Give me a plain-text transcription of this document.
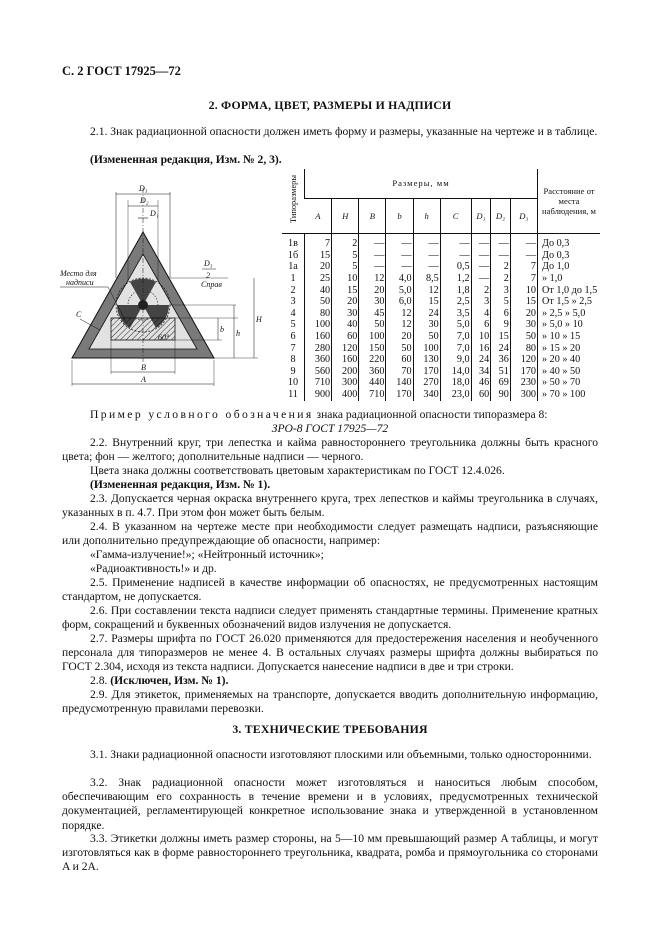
С. 2 ГОСТ 17925—72
2. ФОРМА, ЦВЕТ, РАЗМЕРЫ И НАДПИСИ
2.1. Знак радиационной опасности должен иметь форму и размеры, указанные на чертеже и в таблице.
(Измененная редакция, Изм. № 2, 3).
D₃
D₂
D₁
Место для
надписи
D₃
2
Справ
C
60°
b h
H
B
A
Типоразмеры	Размеры, мм									Расстояние от места наблюдения, м
	A	H	B	b	h	C	D₁	D₂	D₃	
1в	7	2	—	—	—	—	—	—	—	До 0,3
1б	15	5	—	—	—	—	—	—	—	До 0,3
1а	20	5	—	—	—	0,5	—	2	7	До 1,0
1	25	10	12	4,0	8,5	1,2	—	2	7	» 1,0
2	40	15	20	5,0	12	1,8	2	3	10	От 1,0 до 1,5
3	50	20	30	6,0	15	2,5	3	5	15	От 1,5 » 2,5
4	80	30	45	12	24	3,5	4	6	20	» 2,5 » 5,0
5	100	40	50	12	30	5,0	6	9	30	» 5,0 » 10
6	160	60	100	20	50	7,0	10	15	50	» 10 » 15
7	280	120	150	50	100	7,0	16	24	80	» 15 » 20
8	360	160	220	60	130	9,0	24	36	120	» 20 » 40
9	560	200	360	70	170	14,0	34	51	170	» 40 » 50
10	710	300	440	140	270	18,0	46	69	230	» 50 » 70
11	900	400	710	170	340	23,0	60	90	300	» 70 » 100
Пример условного обозначения знака радиационной опасности типоразмера 8:
ЗРО-8 ГОСТ 17925—72
2.2. Внутренний круг, три лепестка и кайма равностороннего треугольника должны быть красного цвета; фон — желтого; дополнительные надписи — черного.
Цвета знака должны соответствовать цветовым характеристикам по ГОСТ 12.4.026.
(Измененная редакция, Изм. № 1).
2.3. Допускается черная окраска внутреннего круга, трех лепестков и каймы треугольника в случаях, указанных в п. 4.7. При этом фон может быть белым.
2.4. В указанном на чертеже месте при необходимости следует размещать надписи, разъясняющие или дополнительно предупреждающие об опасности, например:
«Гамма-излучение!»; «Нейтронный источник»;
«Радиоактивность!» и др.
2.5. Применение надписей в качестве информации об опасностях, не предусмотренных настоящим стандартом, не допускается.
2.6. При составлении текста надписи следует применять стандартные термины. Применение кратных форм, сокращений и буквенных обозначений видов излучения не допускается.
2.7. Размеры шрифта по ГОСТ 26.020 применяются для предостережения населения и необученного персонала для типоразмеров не менее 4. В остальных случаях размеры шрифта должны выбираться по ГОСТ 2.304, исходя из текста надписи. Допускается нанесение надписи в две и три строки.
2.8. (Исключен, Изм. № 1).
2.9. Для этикеток, применяемых на транспорте, допускается вводить дополнительную информацию, предусмотренную правилами перевозки.
3. ТЕХНИЧЕСКИЕ ТРЕБОВАНИЯ
3.1. Знаки радиационной опасности изготовляют плоскими или объемными, только односторонними.
3.2. Знак радиационной опасности может изготовляться и наноситься любым способом, обеспечивающим его сохранность в течение времени и в условиях, предусмотренных технической документацией, регламентирующей конкретное использование знака и утвержденной в установленном порядке.
3.3. Этикетки должны иметь размер стороны, на 5—10 мм превышающий размер A таблицы, и могут изготовляться как в форме равностороннего треугольника, квадрата, ромба и прямоугольника со сторонами A и 2A.
